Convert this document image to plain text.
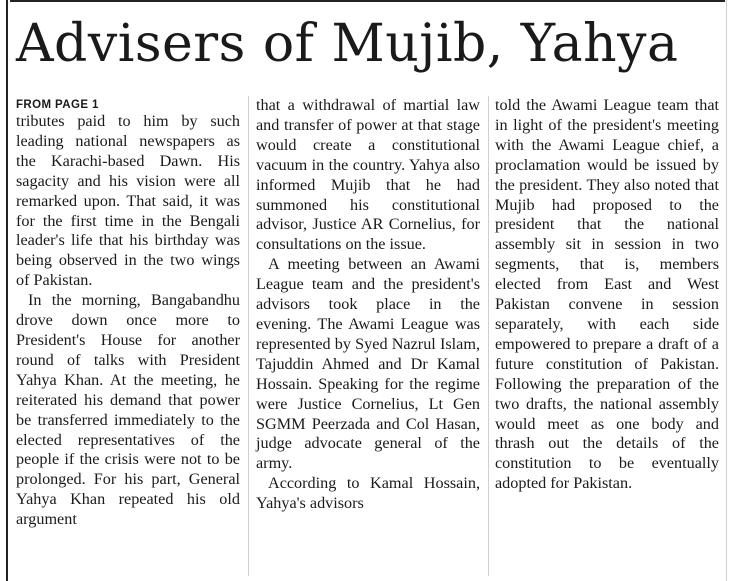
Advisers of Mujib, Yahya
FROM PAGE 1

tributes paid to him by such leading national newspapers as the Karachi-based Dawn. His sagacity and his vision were all remarked upon. That said, it was for the first time in the Bengali leader's life that his birthday was being observed in the two wings of Pakistan.

In the morning, Bangabandhu drove down once more to President's House for another round of talks with President Yahya Khan. At the meeting, he reiterated his demand that power be transferred immediately to the elected representatives of the people if the crisis were not to be prolonged. For his part, General Yahya Khan repeated his old argument

that a withdrawal of martial law and transfer of power at that stage would create a constitutional vacuum in the country. Yahya also informed Mujib that he had summoned his constitutional advisor, Justice AR Cornelius, for consultations on the issue.

A meeting between an Awami League team and the president's advisors took place in the evening. The Awami League was represented by Syed Nazrul Islam, Tajuddin Ahmed and Dr Kamal Hossain. Speaking for the regime were Justice Cornelius, Lt Gen SGMM Peerzada and Col Hasan, judge advocate general of the army.

According to Kamal Hossain, Yahya's advisors

told the Awami League team that in light of the president's meeting with the Awami League chief, a proclamation would be issued by the president. They also noted that Mujib had proposed to the president that the national assembly sit in session in two segments, that is, members elected from East and West Pakistan convene in session separately, with each side empowered to prepare a draft of a future constitution of Pakistan. Following the preparation of the two drafts, the national assembly would meet as one body and thrash out the details of the constitution to be eventually adopted for Pakistan.
